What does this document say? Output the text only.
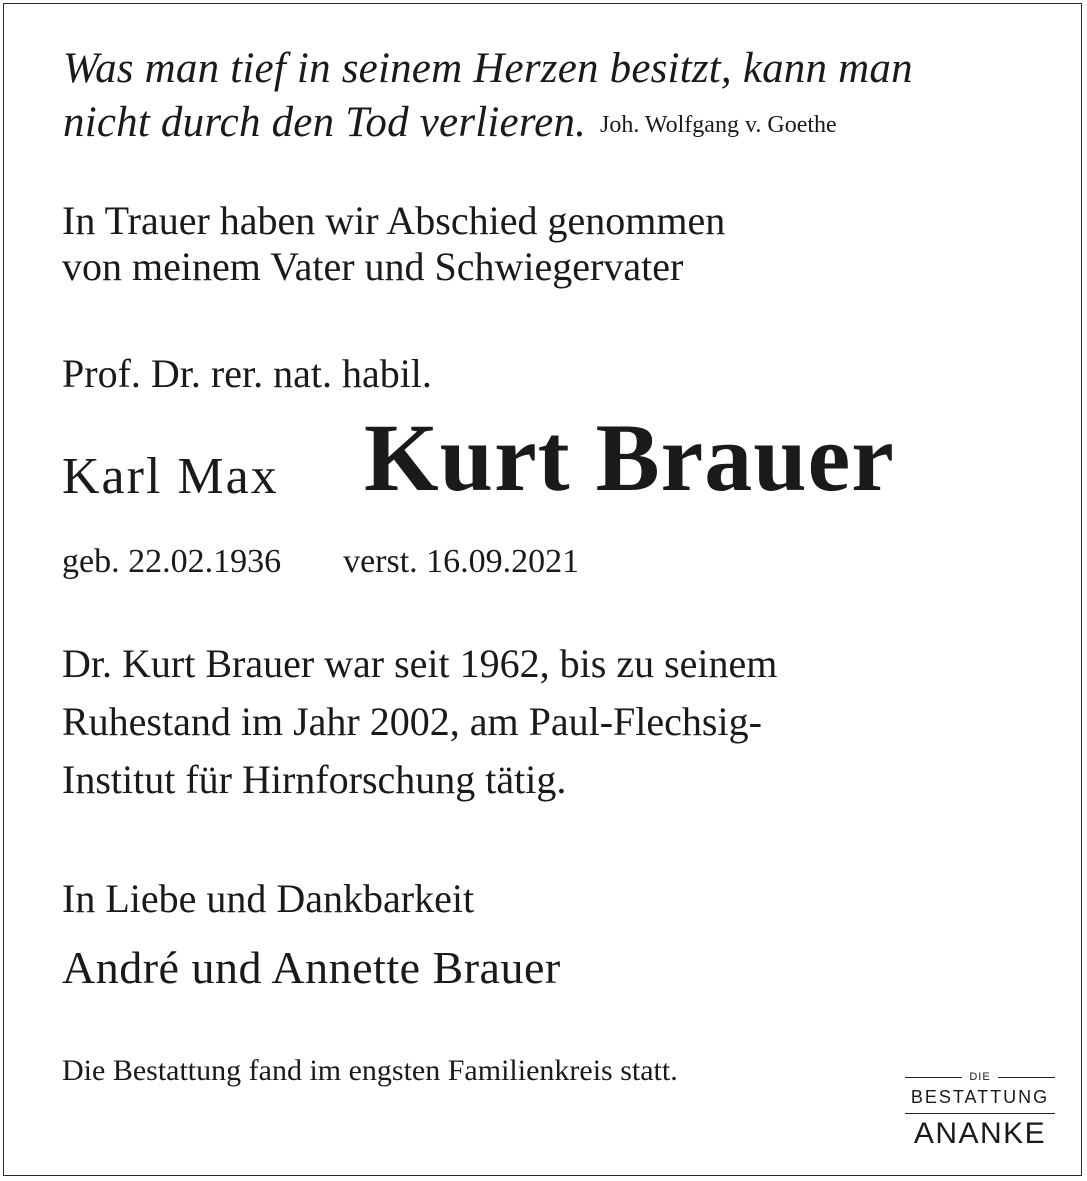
Was man tief in seinem Herzen besitzt, kann man

nicht durch den Tod verlieren. Joh. Wolfgang v. Goethe

In Trauer haben wir Abschied genommen

von meinem Vater und Schwiegervater

Prof. Dr. rer. nat. habil.

Karl Max Kurt Brauer

geb. 22.02.1936 verst. 16.09.2021

Dr. Kurt Brauer war seit 1962, bis zu seinem

Ruhestand im Jahr 2002, am Paul-Flechsig-

Institut für Hirnforschung tätig.

In Liebe und Dankbarkeit

André und Annette Brauer

Die Bestattung fand im engsten Familienkreis statt.	DIE
BESTATTUNG
ANANKE
